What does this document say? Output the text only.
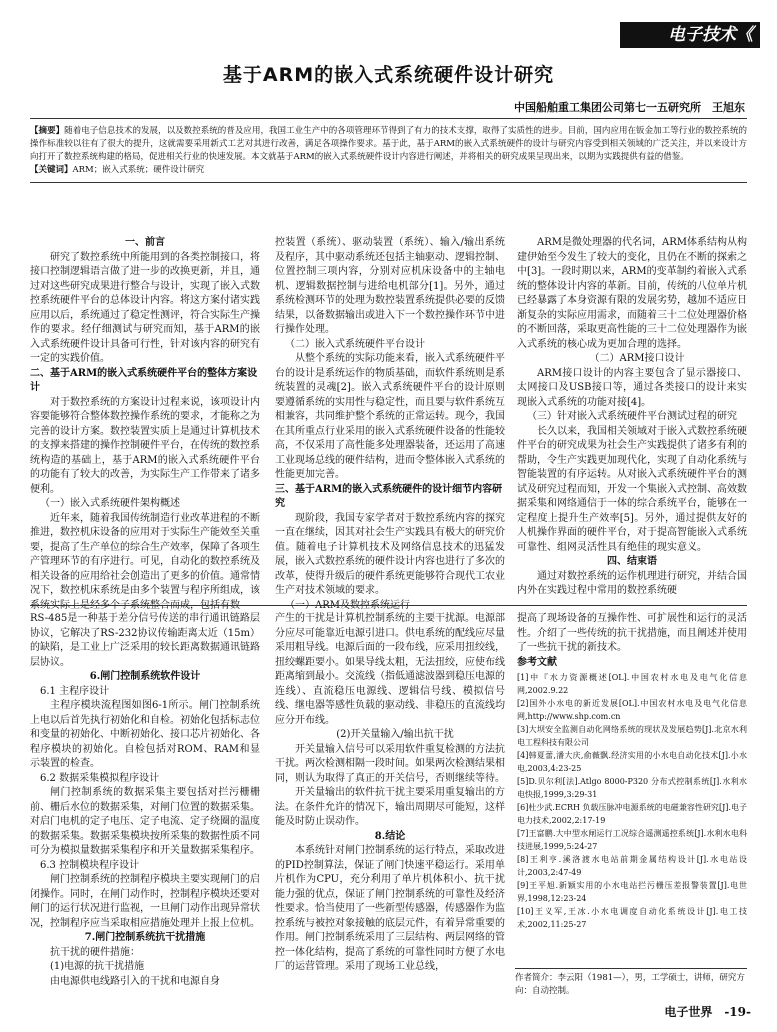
电子技术《
基于ARM的嵌入式系统硬件设计研究
中国船舶重工集团公司第七一五研究所　王旭东
【摘要】随着电子信息技术的发展，以及数控系统的普及应用，我国工业生产中的各项管理环节得到了有力的技术支撑，取得了实质性的进步。目前，国内应用在钣金加工等行业的数控系统的操作标准较以往有了很大的提升，这就需要采用新式工艺对其进行改善，满足各项操作要求。基于此，基于ARM的嵌入式系统硬件的设计与研究内容受到相关领域的广泛关注，并以来设计方向打开了数控系统构建的格局，促进相关行业的快速发展。本文就基于ARM的嵌入式系统硬件设计内容进行阐述，并将相关的研究成果呈现出来，以期为实践提供有益的借鉴。
【关键词】ARM；嵌入式系统；硬件设计研究
一、前言

研究了数控系统中所能用到的各类控制接口，将接口控制逻辑语言做了进一步的改换更新，并且，通过对这些研究成果进行整合与设计，实现了嵌入式数控系统硬件平台的总体设计内容。将这方案付诸实践应用以后，系统通过了稳定性测评，符合实际生产操作的要求。经仔细测试与研究而知，基于ARM的嵌入式系统硬件设计具备可行性，针对该内容的研究有一定的实践价值。

二、基于ARM的嵌入式系统硬件平台的整体方案设计

对于数控系统的方案设计过程来说，该项设计内容要能够符合整体数控操作系统的要求，才能称之为完善的设计方案。数控装置实质上是通过计算机技术的支撑来搭建的操作控制硬件平台，在传统的数控系统构造的基础上，基于ARM的嵌入式系统硬件平台的功能有了较大的改善，为实际生产工作带来了诸多便利。

（一）嵌入式系统硬件架构概述

近年来，随着我国传统制造行业改革进程的不断推进，数控机床设备的应用对于实际生产能效至关重要，提高了生产单位的综合生产效率，保障了各项生产管理环节的有序进行。可见，自动化的数控系统及相关设备的应用给社会创造出了更多的价值。通常情况下，数控机床系统是由多个装置与程序所组成，该系统实际上是经多个子系统整合而成，包括有数

控装置（系统）、驱动装置（系统）、输入/输出系统及程序，其中驱动系统还包括主轴驱动、逻辑控制、位置控制三项内容，分别对应机床设备中的主轴电机、逻辑数据控制与进给电机部分[1]。另外，通过系统检测环节的处理为数控装置系统提供必要的反馈结果，以备数据输出或进入下一个数控操作环节中进行操作处理。

（二）嵌入式系统硬件平台设计

从整个系统的实际功能来看，嵌入式系统硬件平台的设计是系统运作的物质基础，而软件系统则是系统装置的灵魂[2]。嵌入式系统硬件平台的设计原则要遵循系统的实用性与稳定性，而且要与软件系统互相兼容，共同维护整个系统的正常运转。现今，我国在其所重点行业采用的嵌入式系统硬件设备的性能较高，不仅采用了高性能多处理器装备，还运用了高速工业现场总线的硬件结构，进而令整体嵌入式系统的性能更加完善。

三、基于ARM的嵌入式系统硬件的设计细节内容研究

现阶段，我国专家学者对于数控系统内容的探究一直在继续，因其对社会生产实践具有极大的研究价值。随着电子计算机技术及网络信息技术的迅猛发展，嵌入式数控系统的硬件设计内容也进行了多次的改革，使得升级后的硬件系统更能够符合现代工农业生产对技术领域的要求。

（一）ARM及数控系统运行

ARM是微处理器的代名词，ARM体系结构从构建伊始至今发生了较大的变化，且仍在不断的探索之中[3]。一段时期以来，ARM的变革制约着嵌入式系统的整体设计内容的革新。目前，传统的八位单片机已经暴露了本身资源有限的发展劣势，越加不适应日渐复杂的实际应用需求，而随着三十二位处理器价格的不断回落，采取更高性能的三十二位处理器作为嵌入式系统的核心成为更加合理的选择。

（二）ARM接口设计

ARM接口设计的内容主要包含了显示器接口、太网接口及USB接口等，通过各类接口的设计来实现嵌入式系统的功能对接[4]。

（三）针对嵌入式系统硬件平台测试过程的研究

长久以来，我国相关领域对于嵌入式数控系统硬件平台的研究成果为社会生产实践提供了诸多有利的帮助，令生产实践更加现代化，实现了自动化系统与智能装置的有序运转。从对嵌入式系统硬件平台的测试及研究过程而知，开发一个集嵌入式控制、高效数据采集和网络通信于一体的综合系统平台，能够在一定程度上提升生产效率[5]。另外，通过提供友好的人机操作界面的硬件平台，对于提高智能嵌入式系统可靠性、组网灵活性具有绝佳的现实意义。

四、结束语

通过对数控系统的运作机理进行研究，并结合国内外在实践过程中常用的数控系统硬

RS-485是一种基于差分信号传送的串行通讯链路层协议，它解决了RS-232协议传输距离太近（15m）的缺陷，是工业上广泛采用的较长距离数据通讯链路层协议。

6.闸门控制系统软件设计
6.1 主程序设计

主程序模块流程图如图6-1所示。闸门控制系统上电以后首先执行初始化和自检。初始化包括标志位和变量的初始化、中断初始化、接口芯片初始化、各程序模块的初始化。自检包括对ROM、RAM和显示装置的检查。

6.2 数据采集模拟程序设计

闸门控制系统的数据采集主要包括对拦污栅栅前、栅后水位的数据采集，对闸门位置的数据采集。对启门电机的定子电压、定子电流、定子绕圈的温度的数据采集。数据采集模块按所采集的数据性质不同可分为模拟量数据采集程序和开关量数据采集程序。

6.3 控制模块程序设计

闸门控制系统的控制程序模块主要实现闸门的启闭操作。同时，在闸门动作时，控制程序模块还要对闸门的运行状况进行监视，一旦闸门动作出现异常状况，控制程序应当采取相应措施处理并上报上位机。

7.闸门控制系统抗干扰措施

抗干扰的硬件措施：

(1)电源的抗干扰措施

由电源供电线路引入的干扰和电源自身

产生的干扰是计算机控制系统的主要干扰源。电源部分应尽可能靠近电源引进口。供电系统的配线应尽量采用粗导线。电源后面的一段布线，应采用扭绞线，扭绞螺距要小。如果导线太粗，无法扭绞，应使布线距离缩到最小。交流线（指低通滤波器到稳压电源的连线）、直流稳压电源线、逻辑信号线、模拟信号线、继电器等感性负载的驱动线、非稳压的直流线均应分开布线。

(2)开关量输入/输出抗干扰

开关量输入信号可以采用软件重复检测的方法抗干扰。两次检测相隔一段时间。如果两次检测结果相同，则认为取得了真正的开关信号，否则继续等待。

开关量输出的软件抗干扰主要采用重复输出的方法。在条件允许的情况下，输出周期尽可能短，这样能及时防止误动作。

8.结论

本系统针对闸门控制系统的运行特点，采取改进的PID控制算法，保证了闸门快速平稳运行。采用单片机作为CPU，充分利用了单片机体积小、抗干扰能力强的优点，保证了闸门控制系统的可靠性及经济性要求。恰当使用了一些新型传感器，传感器作为监控系统与被控对象接触的底层元件，有着异常重要的作用。闸门控制系统采用了三层结构、两层网络的管控一体化结构，提高了系统的可靠性同时方便了水电厂的运营管理。采用了现场工业总线，

提高了现场设备的互操作性、可扩展性和运行的灵活性。介绍了一些传统的抗干扰措施，而且阐述并使用了一些抗干扰的新技术。

参考文献

[1]中『水力资源概述[OL].中国农村水电及电气化信息网,2002.9.22

[2]国外小水电的新近发展[OL].中国农村水电及电气化信息网,http://www.shp.com.cn

[3]大坝安全监测自动化网络系统的现状及发展趋势[J].北京水利电工程科技有限公司

[4]韩夏蕾,潘大庆,俞薇飘.经济实用的小水电自动化技术[J].小水电,2003,4:23-25

[5]D.贝尔利[法].Atlgo 8000-P320 分布式控制系统[J].水利水电快报,1999,3:29-31

[6]杜少武.ECRH 负载压脉冲电源系统的电磁兼容性研究[J].电子电力技术,2002,2:17-19

[7]王富鹏.大中型水闸运行工况综合遥测遥控系统[J].水利水电科技进展,1999,5:24-27

[8]王利亨.溪洛渡水电站前期金属结构设计[J].水电站设计,2003,2:47-49

[9]王平旭.新颖实用的小水电站拦污栅压差报警装置[J].电世界,1998,12:23-24

[10]王义军,王冰.小水电调度自动化系统设计[J].电工技术,2002,11:25-27

作者简介：李云阳（1981—），男，工学硕士，讲师，研究方向：自动控制。
电子世界　-19-
